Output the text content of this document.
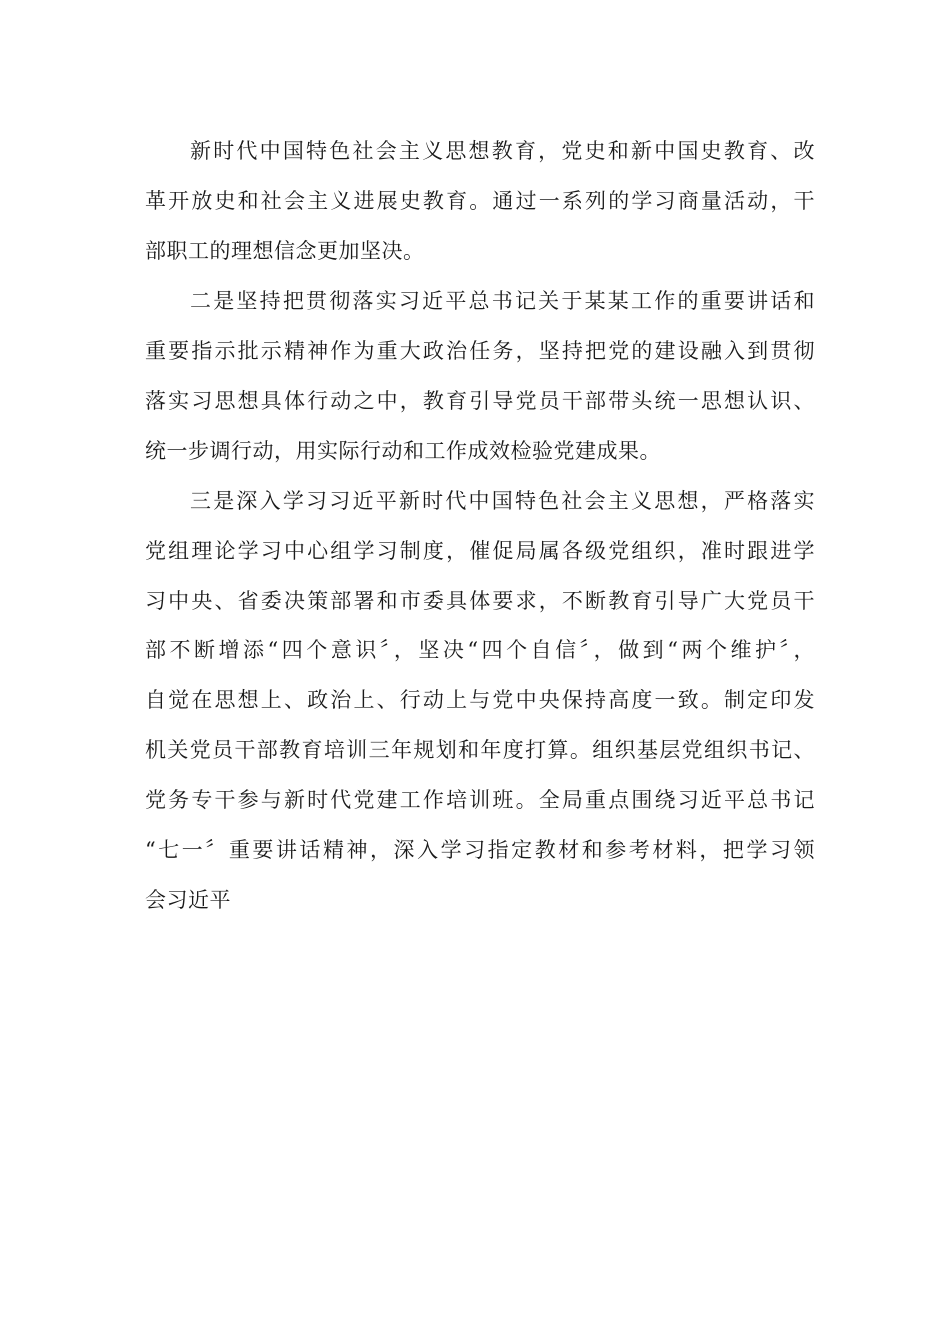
新时代中国特色社会主义思想教育，党史和新中国史教育、改
革开放史和社会主义进展史教育。通过一系列的学习商量活动，干
部职工的理想信念更加坚决。
二是坚持把贯彻落实习近平总书记关于某某工作的重要讲话和
重要指示批示精神作为重大政治任务，坚持把党的建设融入到贯彻
落实习思想具体行动之中，教育引导党员干部带头统一思想认识、
统一步调行动，用实际行动和工作成效检验党建成果。
三是深入学习习近平新时代中国特色社会主义思想，严格落实
党组理论学习中心组学习制度，催促局属各级党组织，准时跟进学
习中央、省委决策部署和市委具体要求，不断教育引导广大党员干
部不断增添“四个意识〞，坚决“四个自信〞，做到“两个维护〞，
自觉在思想上、政治上、行动上与党中央保持高度一致。制定印发
机关党员干部教育培训三年规划和年度打算。组织基层党组织书记、
党务专干参与新时代党建工作培训班。全局重点围绕习近平总书记
“七一〞重要讲话精神，深入学习指定教材和参考材料，把学习领
会习近平
